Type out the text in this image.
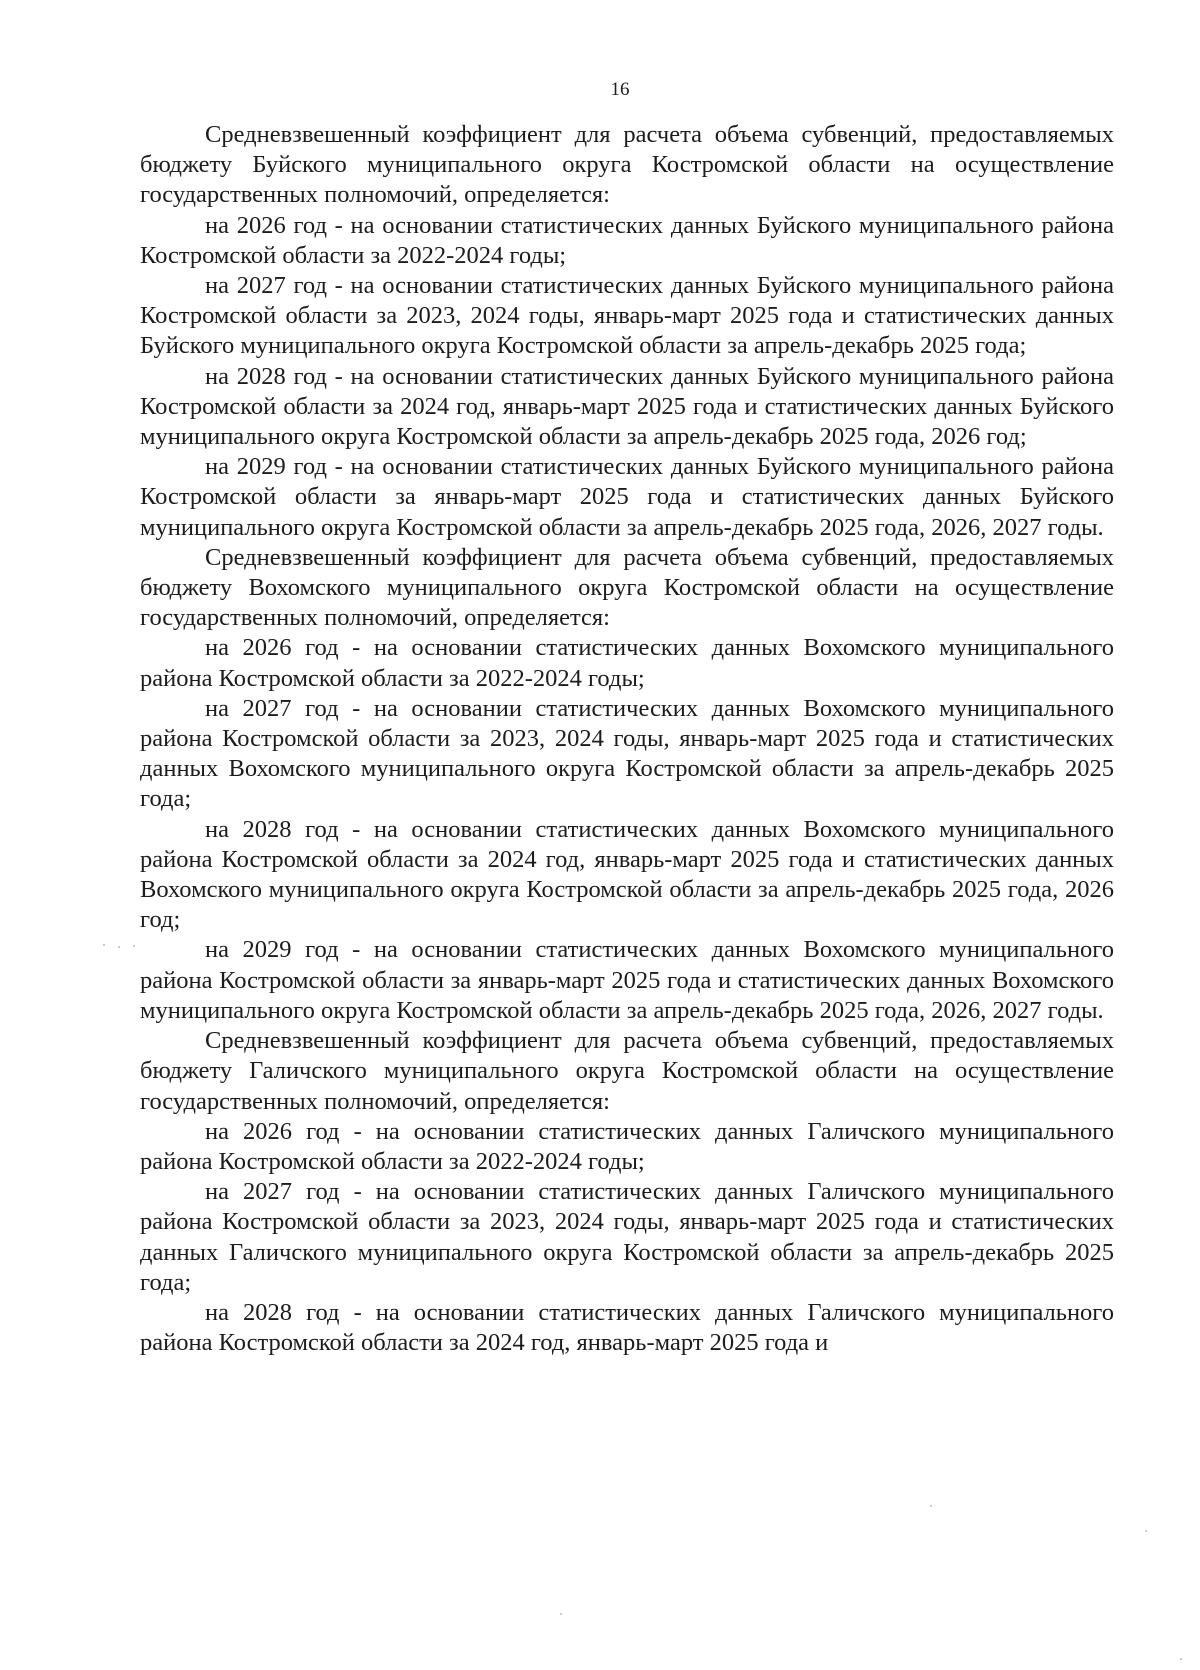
16

Средневзвешенный коэффициент для расчета объема субвенций, предоставляемых бюджету Буйского муниципального округа Костромской области на осуществление государственных полномочий, определяется:

на 2026 год - на основании статистических данных Буйского муниципального района Костромской области за 2022-2024 годы;

на 2027 год - на основании статистических данных Буйского муниципального района Костромской области за 2023, 2024 годы, январь-март 2025 года и статистических данных Буйского муниципального округа Костромской области за апрель-декабрь 2025 года;

на 2028 год - на основании статистических данных Буйского муниципального района Костромской области за 2024 год, январь-март 2025 года и статистических данных Буйского муниципального округа Костромской области за апрель-декабрь 2025 года, 2026 год;

на 2029 год - на основании статистических данных Буйского муниципального района Костромской области за январь-март 2025 года и статистических данных Буйского муниципального округа Костромской области за апрель-декабрь 2025 года, 2026, 2027 годы.

Средневзвешенный коэффициент для расчета объема субвенций, предоставляемых бюджету Вохомского муниципального округа Костромской области на осуществление государственных полномочий, определяется:

на 2026 год - на основании статистических данных Вохомского муниципального района Костромской области за 2022-2024 годы;

на 2027 год - на основании статистических данных Вохомского муниципального района Костромской области за 2023, 2024 годы, январь-март 2025 года и статистических данных Вохомского муниципального округа Костромской области за апрель-декабрь 2025 года;

на 2028 год - на основании статистических данных Вохомского муниципального района Костромской области за 2024 год, январь-март 2025 года и статистических данных Вохомского муниципального округа Костромской области за апрель-декабрь 2025 года, 2026 год;

на 2029 год - на основании статистических данных Вохомского муниципального района Костромской области за январь-март 2025 года и статистических данных Вохомского муниципального округа Костромской области за апрель-декабрь 2025 года, 2026, 2027 годы.

Средневзвешенный коэффициент для расчета объема субвенций, предоставляемых бюджету Галичского муниципального округа Костромской области на осуществление государственных полномочий, определяется:

на 2026 год - на основании статистических данных Галичского муниципального района Костромской области за 2022-2024 годы;

на 2027 год - на основании статистических данных Галичского муниципального района Костромской области за 2023, 2024 годы, январь-март 2025 года и статистических данных Галичского муниципального округа Костромской области за апрель-декабрь 2025 года;

на 2028 год - на основании статистических данных Галичского муниципального района Костромской области за 2024 год, январь-март 2025 года и
